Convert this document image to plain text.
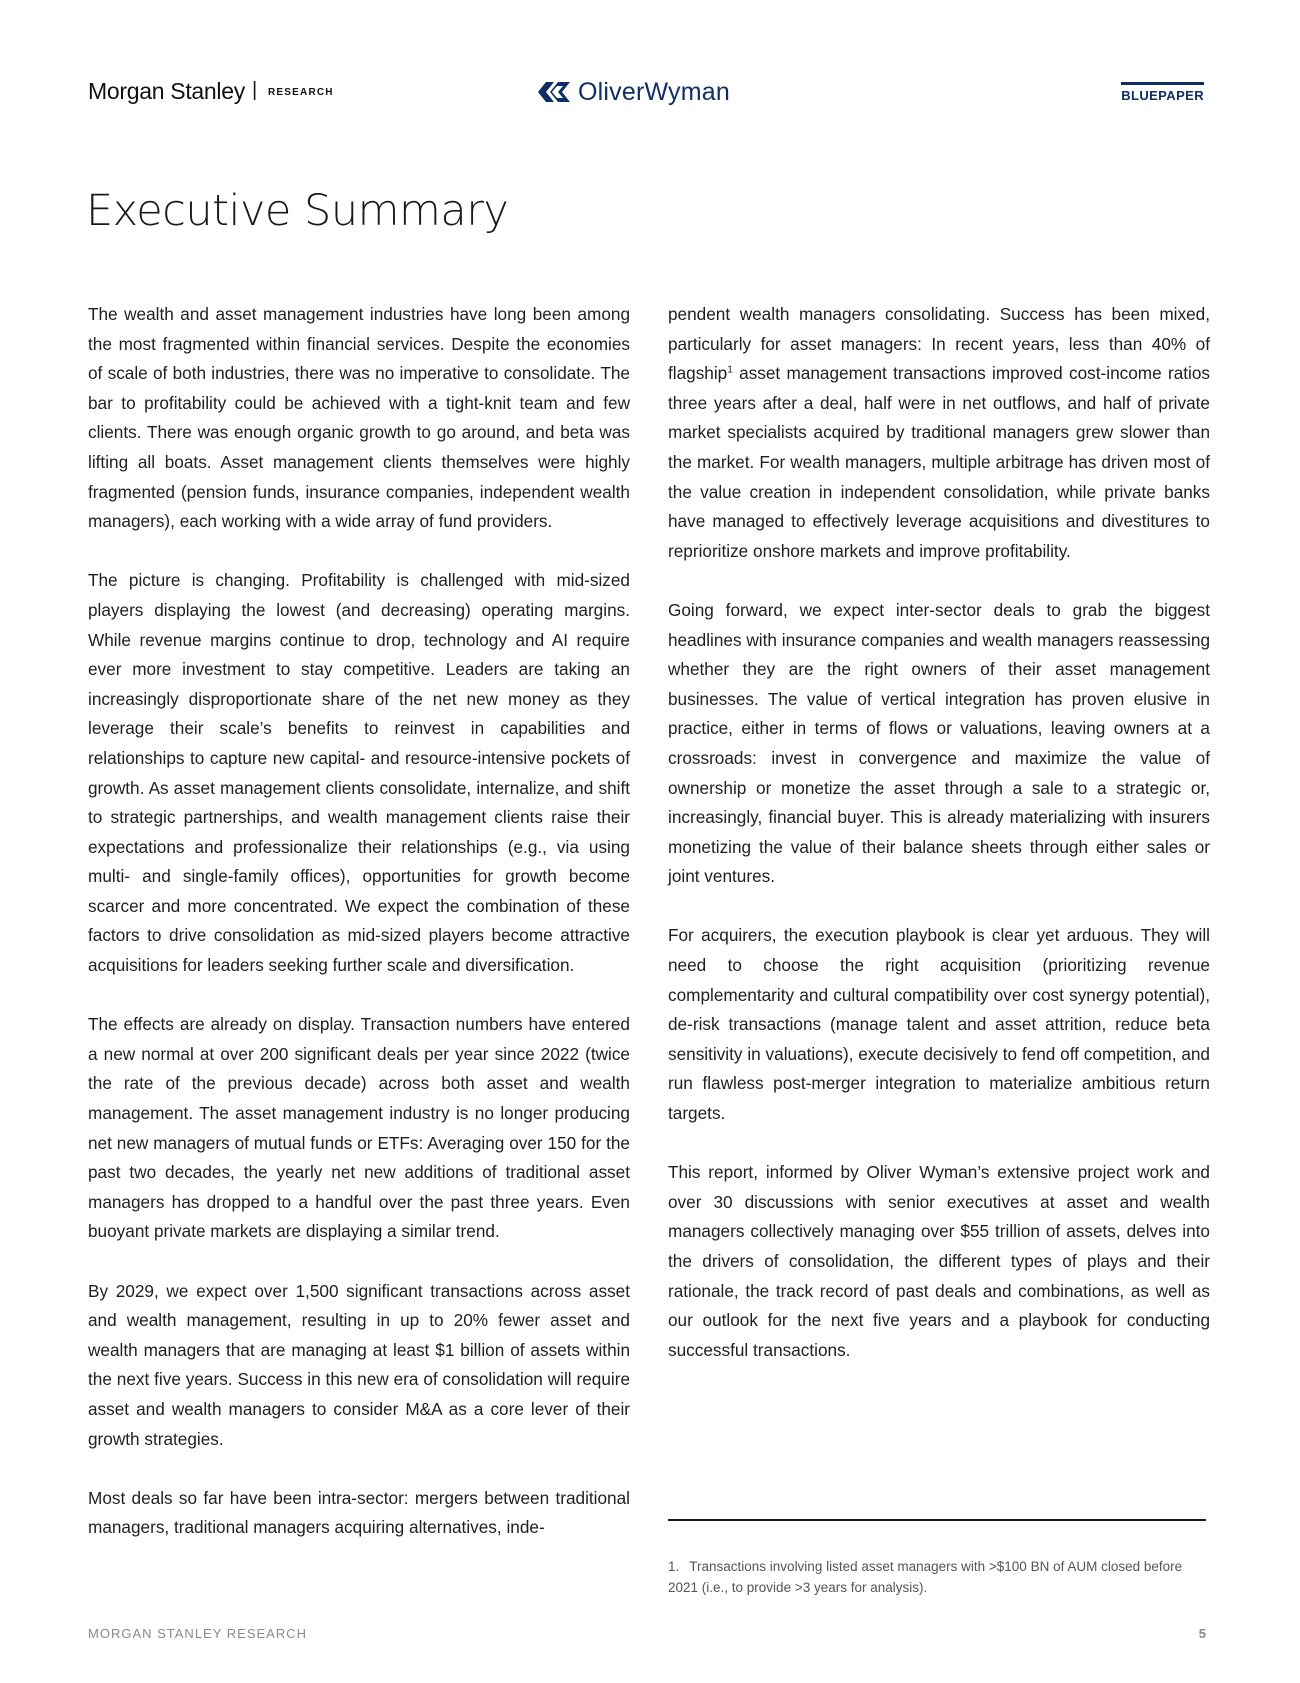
Morgan Stanley | RESEARCH	OliverWyman	BLUEPAPER
Executive Summary

The wealth and asset management industries have long been among the most fragmented within financial services. Despite the economies of scale of both industries, there was no imperative to consolidate. The bar to profitability could be achieved with a tight-knit team and few clients. There was enough organic growth to go around, and beta was lifting all boats. Asset management clients themselves were highly fragmented (pension funds, insurance companies, independent wealth managers), each working with a wide array of fund providers.

The picture is changing. Profitability is challenged with mid-sized players displaying the lowest (and decreasing) operating margins. While revenue margins continue to drop, technology and AI require ever more investment to stay competitive. Leaders are taking an increasingly disproportionate share of the net new money as they leverage their scale’s benefits to reinvest in capabilities and relationships to capture new capital- and resource-intensive pockets of growth. As asset management clients consolidate, internalize, and shift to strategic partnerships, and wealth management clients raise their expectations and professionalize their relationships (e.g., via using multi- and single-family offices), opportunities for growth become scarcer and more concentrated. We expect the combination of these factors to drive consolidation as mid-sized players become attractive acquisitions for leaders seeking further scale and diversification.

The effects are already on display. Transaction numbers have entered a new normal at over 200 significant deals per year since 2022 (twice the rate of the previous decade) across both asset and wealth management. The asset management industry is no longer producing net new managers of mutual funds or ETFs: Averaging over 150 for the past two decades, the yearly net new additions of traditional asset managers has dropped to a handful over the past three years. Even buoyant private markets are displaying a similar trend.

By 2029, we expect over 1,500 significant transactions across asset and wealth management, resulting in up to 20% fewer asset and wealth managers that are managing at least $1 billion of assets within the next five years. Success in this new era of consolidation will require asset and wealth managers to consider M&A as a core lever of their growth strategies.

Most deals so far have been intra-sector: mergers between traditional managers, traditional managers acquiring alternatives, inde-

pendent wealth managers consolidating. Success has been mixed, particularly for asset managers: In recent years, less than 40% of flagship$^1$ asset management transactions improved cost-income ratios three years after a deal, half were in net outflows, and half of private market specialists acquired by traditional managers grew slower than the market. For wealth managers, multiple arbitrage has driven most of the value creation in independent consolidation, while private banks have managed to effectively leverage acquisitions and divestitures to reprioritize onshore markets and improve profitability.

Going forward, we expect inter-sector deals to grab the biggest headlines with insurance companies and wealth managers reassessing whether they are the right owners of their asset management businesses. The value of vertical integration has proven elusive in practice, either in terms of flows or valuations, leaving owners at a crossroads: invest in convergence and maximize the value of ownership or monetize the asset through a sale to a strategic or, increasingly, financial buyer. This is already materializing with insurers monetizing the value of their balance sheets through either sales or joint ventures.

For acquirers, the execution playbook is clear yet arduous. They will need to choose the right acquisition (prioritizing revenue complementarity and cultural compatibility over cost synergy potential), de-risk transactions (manage talent and asset attrition, reduce beta sensitivity in valuations), execute decisively to fend off competition, and run flawless post-merger integration to materialize ambitious return targets.

This report, informed by Oliver Wyman’s extensive project work and over 30 discussions with senior executives at asset and wealth managers collectively managing over $55 trillion of assets, delves into the drivers of consolidation, the different types of plays and their rationale, the track record of past deals and combinations, as well as our outlook for the next five years and a playbook for conducting successful transactions.

1. Transactions involving listed asset managers with >$100 BN of AUM closed before 2021 (i.e., to provide >3 years for analysis).
MORGAN STANLEY RESEARCH	5
